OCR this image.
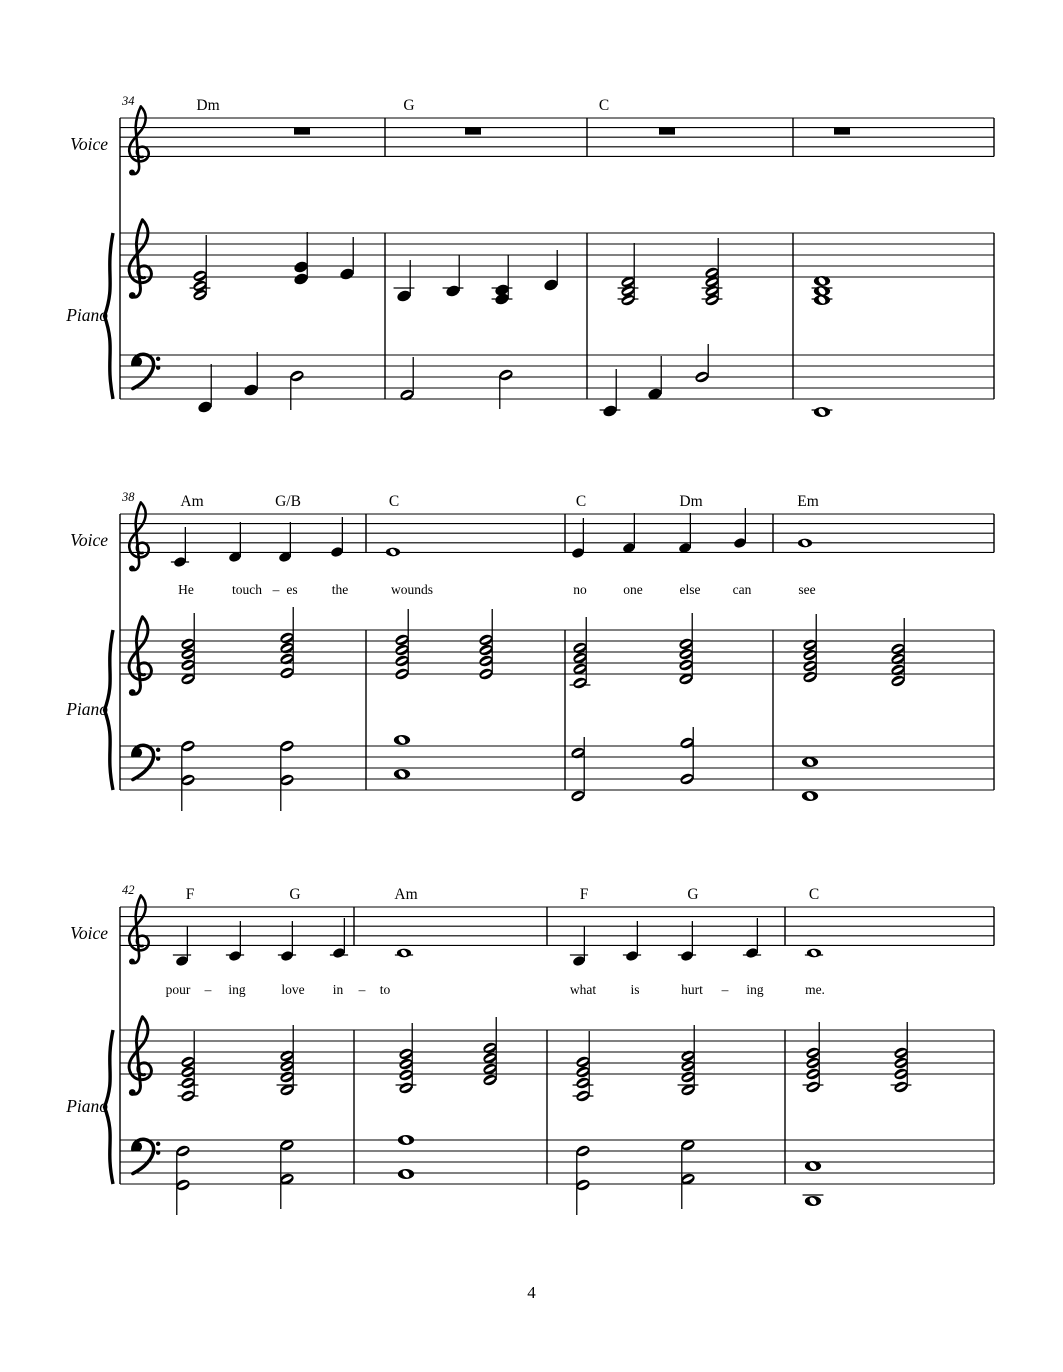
34	Dm	G	C
Voice
Piano
38	Am	G/B	C	C	Dm	Em
He	touch – es	the	wounds	no	one	else can	see
Voice
Piano
42	F	G	Am	F	G	C
pour – ing	love in – to	what	is	hurt – ing	me.
Voice
Piano
4
